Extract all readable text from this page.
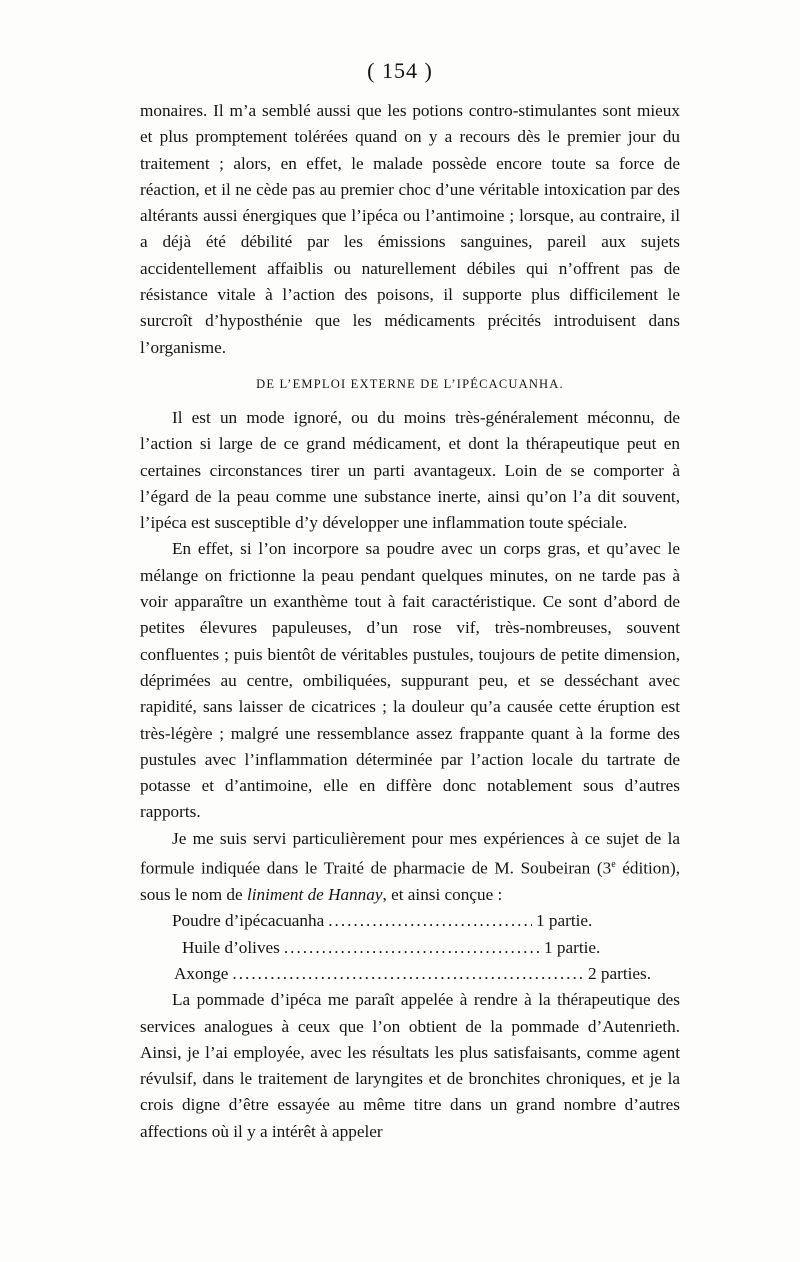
( 154 )

monaires. Il m’a semblé aussi que les potions contro-stimulantes sont mieux et plus promptement tolérées quand on y a recours dès le premier jour du traitement ; alors, en effet, le malade possède encore toute sa force de réaction, et il ne cède pas au premier choc d’une véritable intoxication par des altérants aussi énergiques que l’ipéca ou l’antimoine ; lorsque, au contraire, il a déjà été débilité par les émissions sanguines, pareil aux sujets accidentellement affaiblis ou naturellement débiles qui n’offrent pas de résistance vitale à l’action des poisons, il supporte plus difficilement le surcroît d’hyposthénie que les médicaments précités introduisent dans l’organisme.

DE L’EMPLOI EXTERNE DE L’IPÉCACUANHA.

Il est un mode ignoré, ou du moins très-généralement méconnu, de l’action si large de ce grand médicament, et dont la thérapeutique peut en certaines circonstances tirer un parti avantageux. Loin de se comporter à l’égard de la peau comme une substance inerte, ainsi qu’on l’a dit souvent, l’ipéca est susceptible d’y développer une inflammation toute spéciale.

En effet, si l’on incorpore sa poudre avec un corps gras, et qu’avec le mélange on frictionne la peau pendant quelques minutes, on ne tarde pas à voir apparaître un exanthème tout à fait caractéristique. Ce sont d’abord de petites élevures papuleuses, d’un rose vif, très-nombreuses, souvent confluentes ; puis bientôt de véritables pustules, toujours de petite dimension, déprimées au centre, ombiliquées, suppurant peu, et se desséchant avec rapidité, sans laisser de cicatrices ; la douleur qu’a causée cette éruption est très-légère ; malgré une ressemblance assez frappante quant à la forme des pustules avec l’inflammation déterminée par l’action locale du tartrate de potasse et d’antimoine, elle en diffère donc notablement sous d’autres rapports.

Je me suis servi particulièrement pour mes expériences à ce sujet de la formule indiquée dans le Traité de pharmacie de M. Soubeiran (3e édition), sous le nom de liniment de Hannay, et ainsi conçue :

Poudre d’ipécacuanha .....	1 partie.
Huile d’olives .....	1 partie.
Axonge .....	2 parties.

La pommade d’ipéca me paraît appelée à rendre à la thérapeutique des services analogues à ceux que l’on obtient de la pommade d’Autenrieth. Ainsi, je l’ai employée, avec les résultats les plus satisfaisants, comme agent révulsif, dans le traitement de laryngites et de bronchites chroniques, et je la crois digne d’être essayée au même titre dans un grand nombre d’autres affections où il y a intérêt à appeler
